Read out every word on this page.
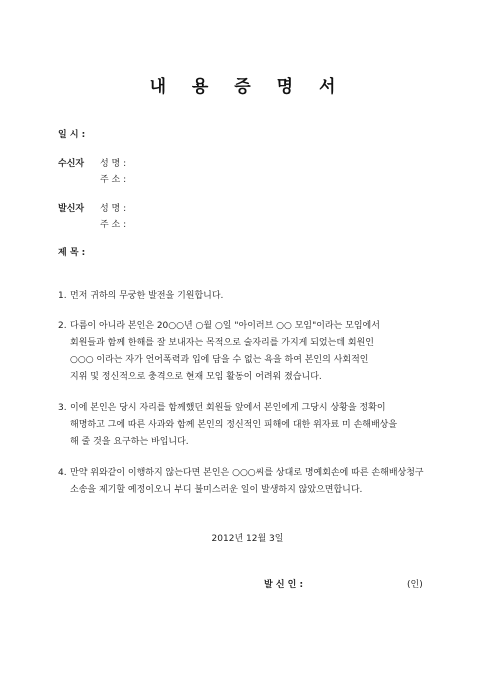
내 용 증 명 서
일 시 :
수신자 성 명 :
주 소 :
발신자 성 명 :
주 소 :
제 목 :
1. 먼저 귀하의 무궁한 발전을 기원합니다.
2. 다름이 아니라 본인은 20○○년 ○월 ○일 "아이러브 ○○ 모임"이라는 모임에서
회원들과 함께 한해를 잘 보내자는 목적으로 술자리를 가지게 되었는데 회원인
○○○ 이라는 자가 언어폭력과 입에 담을 수 없는 욕을 하여 본인의 사회적인
지위 및 정신적으로 충격으로 현재 모임 활동이 어려워 졌습니다.
3. 이에 본인은 당시 자리를 함께했던 회원들 앞에서 본인에게 그당시 상황을 정확이
해명하고 그에 따른 사과와 함께 본인의 정신적인 피해에 대한 위자료 미 손해배상을
해 줄 것을 요구하는 바입니다.
4. 만약 위와같이 이행하지 않는다면 본인은 ○○○씨를 상대로 명예회손에 따른 손해배상청구
소송을 제기할 예정이오니 부디 불미스러운 일이 발생하지 않았으면합니다.
2012년 12월 3일
발 신 인 :	(인)
